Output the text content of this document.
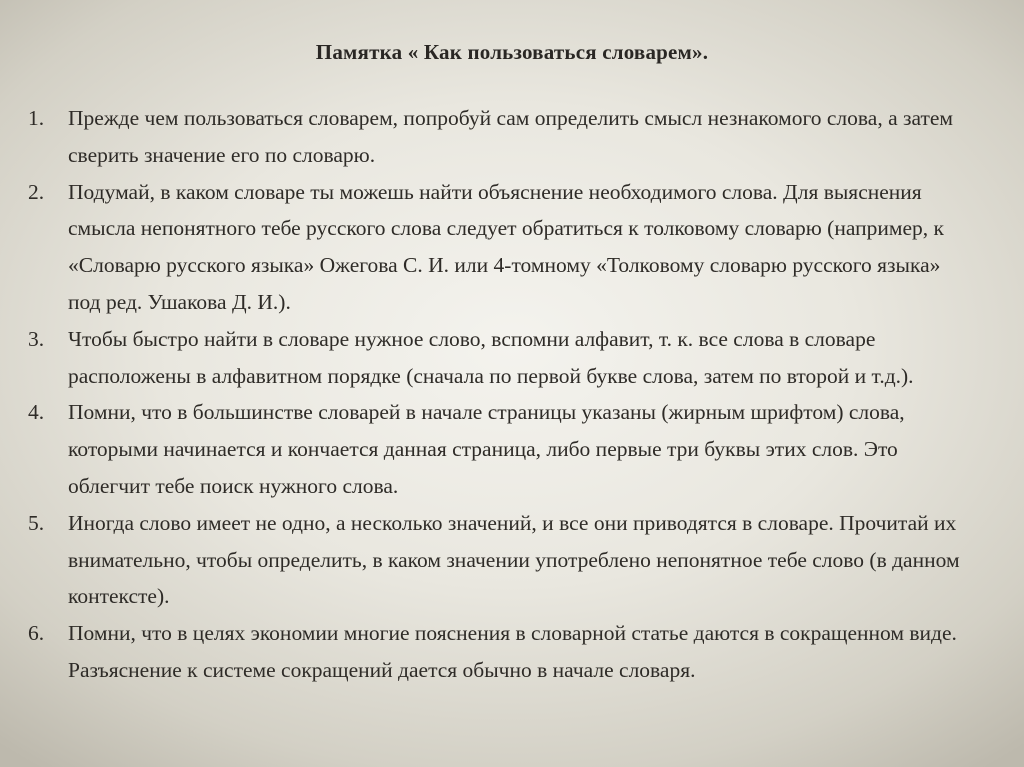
Памятка « Как пользоваться словарем».
1.	Прежде чем пользоваться словарем, попробуй сам определить смысл незнакомого слова, а затем сверить значение его по словарю.
2.	Подумай, в каком словаре ты можешь найти объяснение необходимого слова. Для выяснения смысла непонятного тебе русского слова следует обратиться к толковому словарю (например, к «Словарю русского языка» Ожегова С. И. или 4-томному «Толковому словарю русского языка» под ред. Ушакова Д. И.).
3.	Чтобы быстро найти в словаре нужное слово, вспомни алфавит, т. к. все слова в словаре расположены в алфавитном порядке (сначала по первой букве слова, затем по второй и т.д.).
4.	Помни, что в большинстве словарей в начале страницы указаны (жирным шрифтом) слова, которыми начинается и кончается данная страница, либо первые три буквы этих слов. Это облегчит тебе поиск нужного слова.
5.	Иногда слово имеет не одно, а несколько значений, и все они приводятся в словаре. Прочитай их внимательно, чтобы определить, в каком значении употреблено непонятное тебе слово (в данном контексте).
6.	Помни, что в целях экономии многие пояснения в словарной статье даются в сокращенном виде. Разъяснение к системе сокращений дается обычно в начале словаря.
